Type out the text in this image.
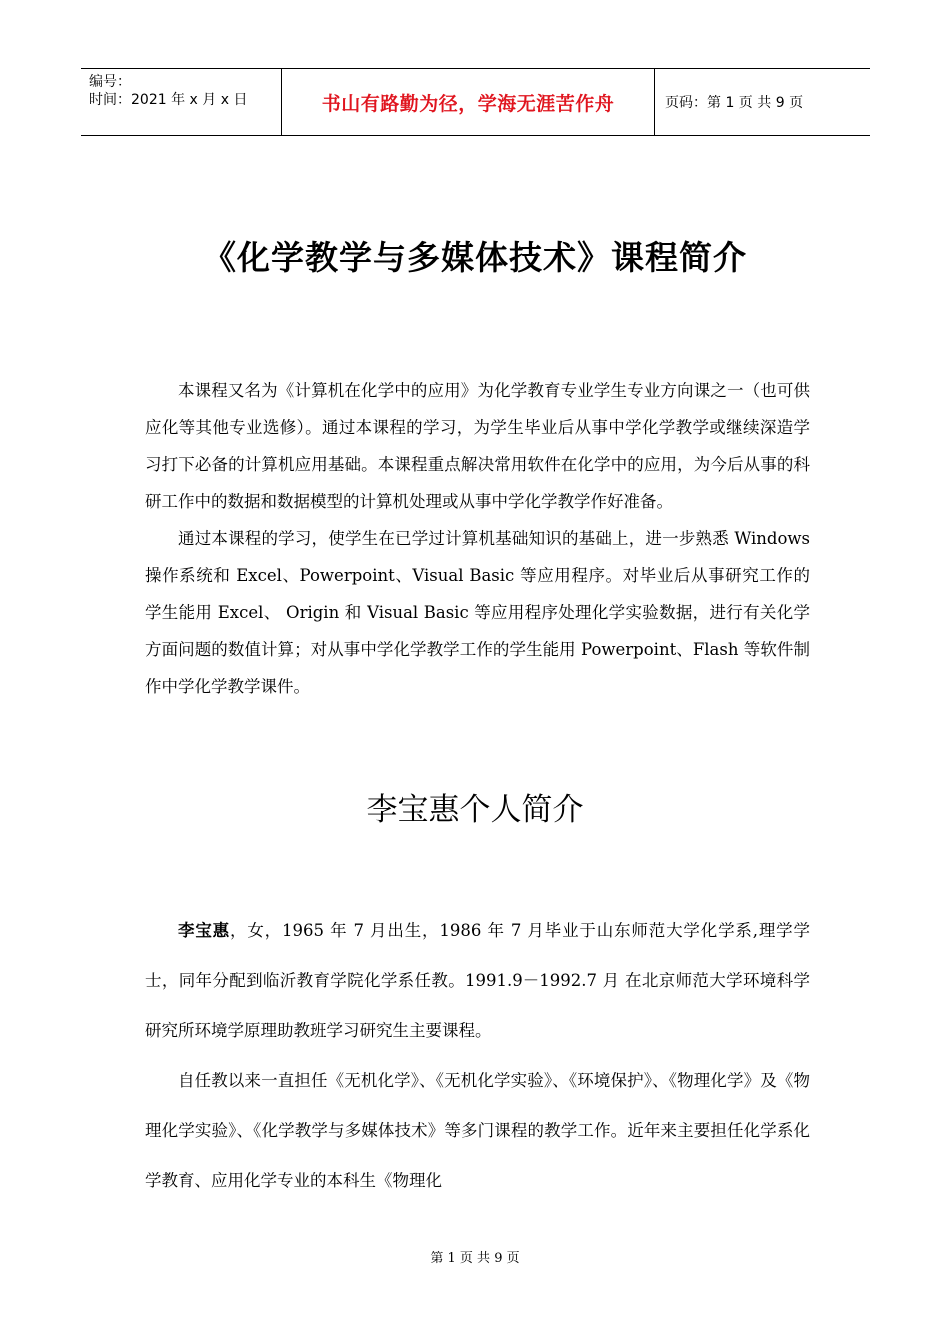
编号：
时间：2021 年 x 月 x 日	书山有路勤为径，学海无涯苦作舟	页码：第 1 页 共 9 页
《化学教学与多媒体技术》课程简介

本课程又名为《计算机在化学中的应用》为化学教育专业学生专业方向课之一（也可供应化等其他专业选修）。通过本课程的学习，为学生毕业后从事中学化学教学或继续深造学习打下必备的计算机应用基础。本课程重点解决常用软件在化学中的应用，为今后从事的科研工作中的数据和数据模型的计算机处理或从事中学化学教学作好准备。

通过本课程的学习，使学生在已学过计算机基础知识的基础上，进一步熟悉 Windows 操作系统和 Excel、Powerpoint、Visual Basic 等应用程序。对毕业后从事研究工作的学生能用 Excel、 Origin 和 Visual Basic 等应用程序处理化学实验数据，进行有关化学方面问题的数值计算；对从事中学化学教学工作的学生能用 Powerpoint、Flash 等软件制作中学化学教学课件。

李宝惠个人简介

李宝惠，女，1965 年 7 月出生，1986 年 7 月毕业于山东师范大学化学系,理学学士，同年分配到临沂教育学院化学系任教。1991.9－1992.7 月 在北京师范大学环境科学研究所环境学原理助教班学习研究生主要课程。

自任教以来一直担任《无机化学》、《无机化学实验》、《环境保护》、《物理化学》及《物理化学实验》、《化学教学与多媒体技术》等多门课程的教学工作。近年来主要担任化学系化学教育、应用化学专业的本科生《物理化

第 1 页 共 9 页
